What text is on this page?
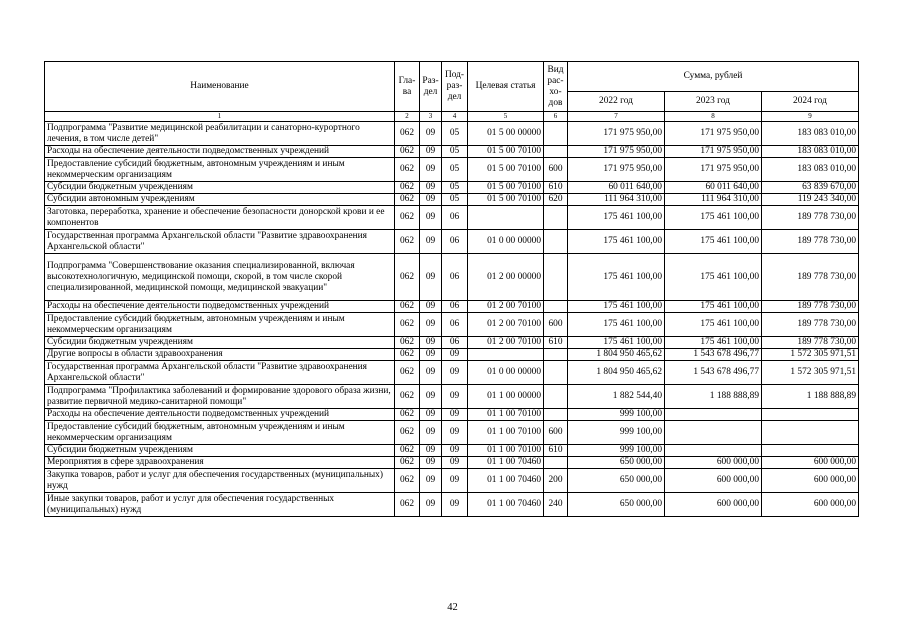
Наименование	Гла-ва	Раз-дел	Под-раз-дел	Целевая статья	Вид рас-хо-дов	Сумма, рублей		
						2022 год	2023 год	2024 год
1	2	3	4	5	6	7	8	9
Подпрограмма "Развитие медицинской реабилитации и санаторно-курортного лечения, в том числе детей"	062	09	05	01 5 00 00000		171 975 950,00	171 975 950,00	183 083 010,00
Расходы на обеспечение деятельности подведомственных учреждений	062	09	05	01 5 00 70100		171 975 950,00	171 975 950,00	183 083 010,00
Предоставление субсидий бюджетным, автономным учреждениям и иным некоммерческим организациям	062	09	05	01 5 00 70100	600	171 975 950,00	171 975 950,00	183 083 010,00
Субсидии бюджетным учреждениям	062	09	05	01 5 00 70100	610	60 011 640,00	60 011 640,00	63 839 670,00
Субсидии автономным учреждениям	062	09	05	01 5 00 70100	620	111 964 310,00	111 964 310,00	119 243 340,00
Заготовка, переработка, хранение и обеспечение безопасности донорской крови и ее компонентов	062	09	06			175 461 100,00	175 461 100,00	189 778 730,00
Государственная программа Архангельской области "Развитие здравоохранения Архангельской области"	062	09	06	01 0 00 00000		175 461 100,00	175 461 100,00	189 778 730,00
Подпрограмма "Совершенствование оказания специализированной, включая высокотехнологичную, медицинской помощи, скорой, в том числе скорой специализированной, медицинской помощи, медицинской эвакуации"	062	09	06	01 2 00 00000		175 461 100,00	175 461 100,00	189 778 730,00
Расходы на обеспечение деятельности подведомственных учреждений	062	09	06	01 2 00 70100		175 461 100,00	175 461 100,00	189 778 730,00
Предоставление субсидий бюджетным, автономным учреждениям и иным некоммерческим организациям	062	09	06	01 2 00 70100	600	175 461 100,00	175 461 100,00	189 778 730,00
Субсидии бюджетным учреждениям	062	09	06	01 2 00 70100	610	175 461 100,00	175 461 100,00	189 778 730,00
Другие вопросы в области здравоохранения	062	09	09			1 804 950 465,62	1 543 678 496,77	1 572 305 971,51
Государственная программа Архангельской области "Развитие здравоохранения Архангельской области"	062	09	09	01 0 00 00000		1 804 950 465,62	1 543 678 496,77	1 572 305 971,51
Подпрограмма "Профилактика заболеваний и формирование здорового образа жизни, развитие первичной медико-санитарной помощи"	062	09	09	01 1 00 00000		1 882 544,40	1 188 888,89	1 188 888,89
Расходы на обеспечение деятельности подведомственных учреждений	062	09	09	01 1 00 70100		999 100,00		
Предоставление субсидий бюджетным, автономным учреждениям и иным некоммерческим организациям	062	09	09	01 1 00 70100	600	999 100,00		
Субсидии бюджетным учреждениям	062	09	09	01 1 00 70100	610	999 100,00		
Мероприятия в сфере здравоохранения	062	09	09	01 1 00 70460		650 000,00	600 000,00	600 000,00
Закупка товаров, работ и услуг для обеспечения государственных (муниципальных) нужд	062	09	09	01 1 00 70460	200	650 000,00	600 000,00	600 000,00
Иные закупки товаров, работ и услуг для обеспечения государственных (муниципальных) нужд	062	09	09	01 1 00 70460	240	650 000,00	600 000,00	600 000,00
42
